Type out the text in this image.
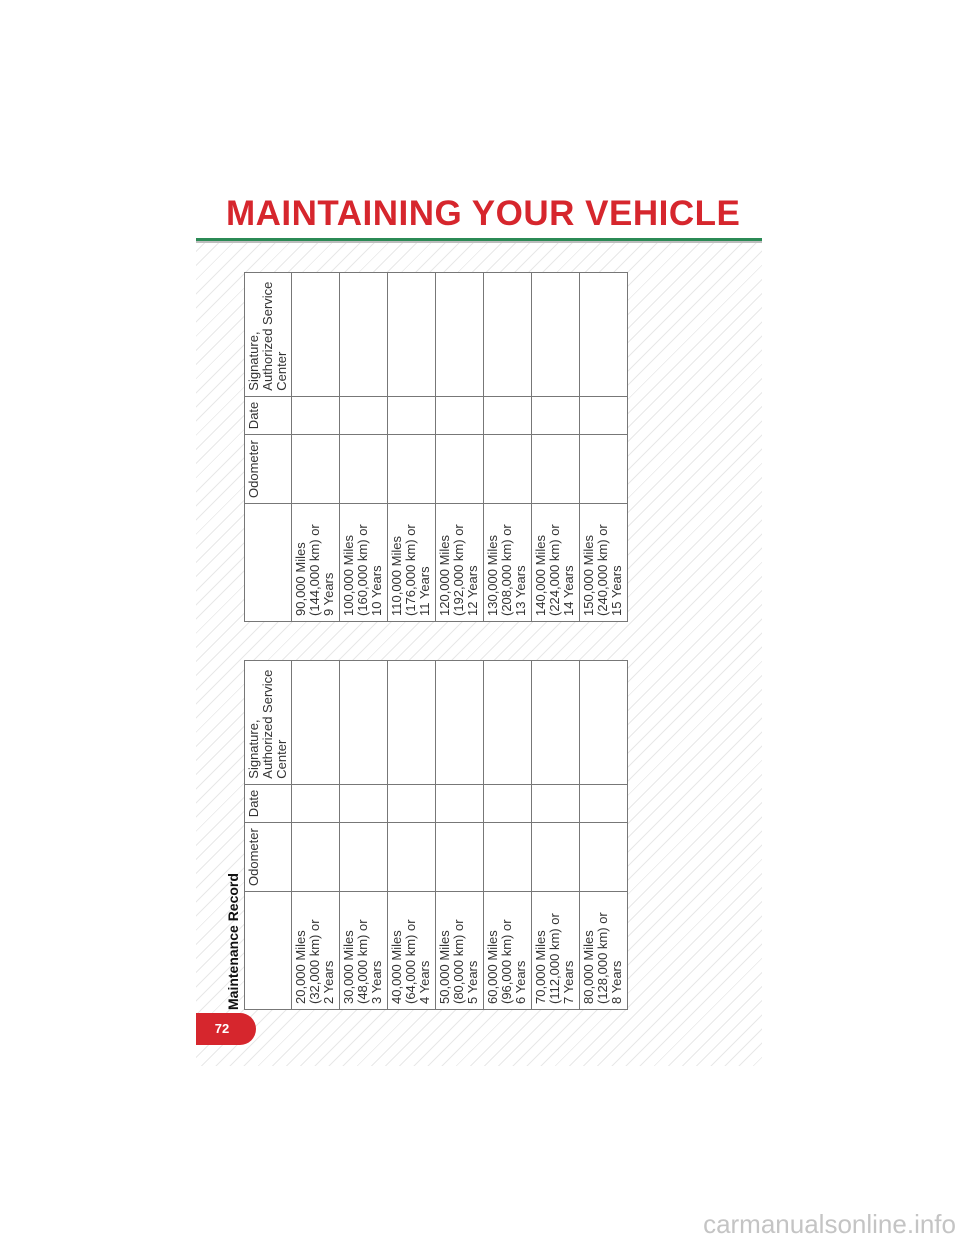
MAINTAINING YOUR VEHICLE
Maintenance Record
	Odometer	Date	Signature, Authorized Service Center

20,000 Miles (32,000 km) or 2 Years			

30,000 Miles (48,000 km) or 3 Years			

40,000 Miles (64,000 km) or 4 Years			

50,000 Miles (80,000 km) or 5 Years			

60,000 Miles (96,000 km) or 6 Years			

70,000 Miles (112,000 km) or 7 Years			

80,000 Miles (128,000 km) or 8 Years			

	Odometer	Date	Signature, Authorized Service Center

90,000 Miles (144,000 km) or 9 Years			

100,000 Miles (160,000 km) or 10 Years			

110,000 Miles (176,000 km) or 11 Years			

120,000 Miles (192,000 km) or 12 Years			

130,000 Miles (208,000 km) or 13 Years			

140,000 Miles (224,000 km) or 14 Years			

150,000 Miles (240,000 km) or 15 Years			

72

carmanualsonline.info
